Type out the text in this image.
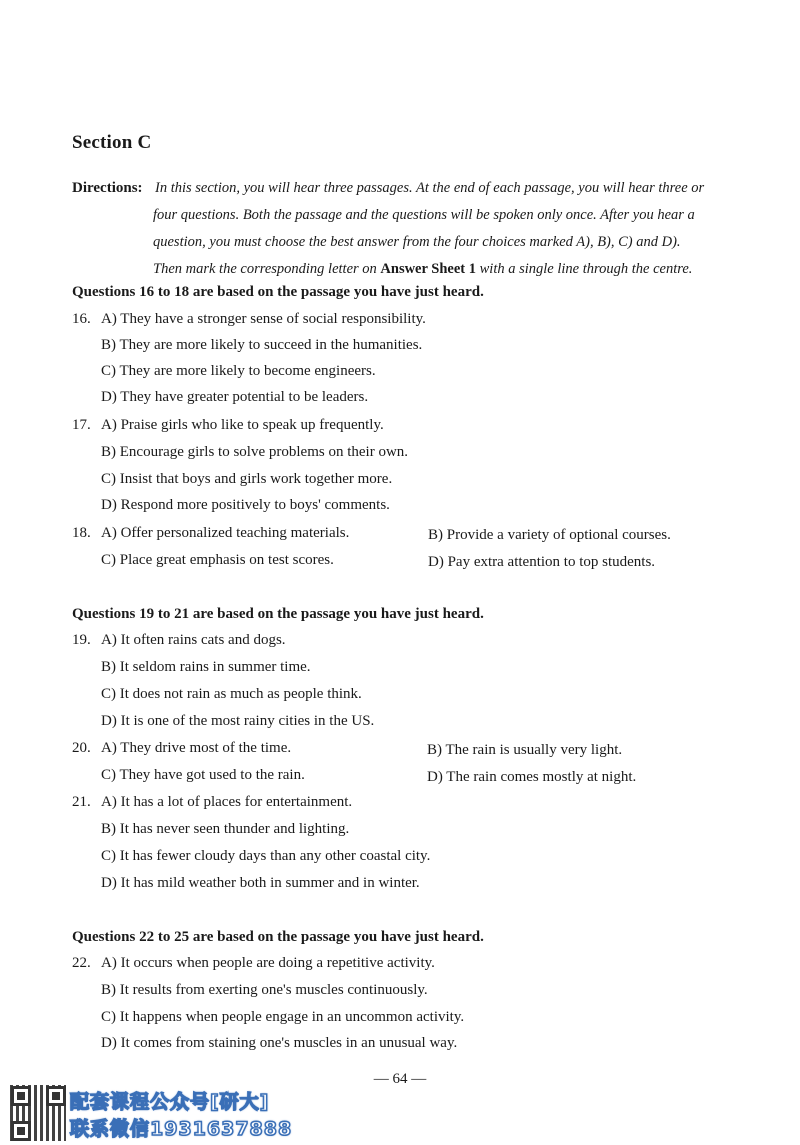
Section C
Directions: In this section, you will hear three passages. At the end of each passage, you will hear three or
four questions. Both the passage and the questions will be spoken only once. After you hear a
question, you must choose the best answer from the four choices marked A), B), C) and D).
Then mark the corresponding letter on Answer Sheet 1 with a single line through the centre.
Questions 16 to 18 are based on the passage you have just heard.
16. A) They have a stronger sense of social responsibility.
B) They are more likely to succeed in the humanities.
C) They are more likely to become engineers.
D) They have greater potential to be leaders.
17. A) Praise girls who like to speak up frequently.
B) Encourage girls to solve problems on their own.
C) Insist that boys and girls work together more.
D) Respond more positively to boys' comments.
18. A) Offer personalized teaching materials.	B) Provide a variety of optional courses.
C) Place great emphasis on test scores.	D) Pay extra attention to top students.
Questions 19 to 21 are based on the passage you have just heard.
19. A) It often rains cats and dogs.
B) It seldom rains in summer time.
C) It does not rain as much as people think.
D) It is one of the most rainy cities in the US.
20. A) They drive most of the time.	B) The rain is usually very light.
C) They have got used to the rain.	D) The rain comes mostly at night.
21. A) It has a lot of places for entertainment.
B) It has never seen thunder and lighting.
C) It has fewer cloudy days than any other coastal city.
D) It has mild weather both in summer and in winter.
Questions 22 to 25 are based on the passage you have just heard.
22. A) It occurs when people are doing a repetitive activity.
B) It results from exerting one's muscles continuously.
C) It happens when people engage in an uncommon activity.
D) It comes from staining one's muscles in an unusual way.
— 64 —
配套课程公众号[研大]
联系微信1931637888
